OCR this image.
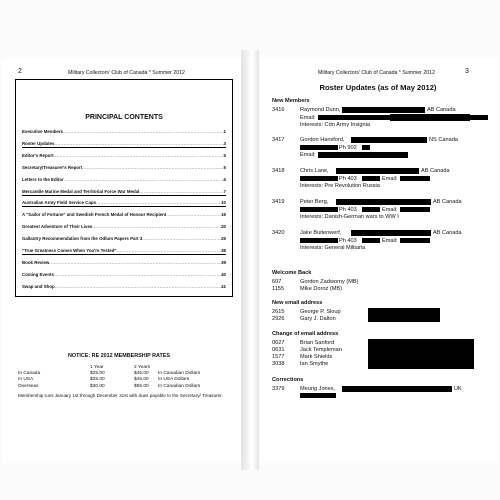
2	Military Collectors' Club of Canada * Summer 2012
PRINCIPAL CONTENTS
Executive Members .....	1
Roster Updates .....	3
Editor's Report .....	5
Secretary/Treasurer's Report .....	5
Letters to the Editor .....	6
Mercantile Marine Medal and Territorial Force War Medal .....	7
Australian Army Field Service Caps .....	10
A "Sailor of Fortune" and Swedish French Medal of Honour Recipient .....	16
Greatest Adventure of Their Lives .....	20
Gallantry Recommendation from the Odlum Papers Part 3 .....	25
"True Greatness Comes When You're Tested" .....	38
Book Review .....	39
Coming Events .....	40
Swap and Shop .....	41
NOTICE: RE 2012 MEMBERSHIP RATES
1 Year	2 Years
In Canada	$25.00	$45.00 In Canadian Dollars
In USA	$25.00	$45.00 In USA Dollars
Overseas	$30.00	$55.00 In Canadian Dollars
Membership runs January 1st through December 31st with dues payable to the Secretary/ Treasurer.
Military Collectors' Club of Canada * Summer 2012	3
Roster Updates (as of May 2012)
New Members
3416	Raymond Dunn,	AB Canada
Email:
Interests: Cdn Army Insignia
3417	Gordon Hansford,	NS Canada
Ph 902
Email:
3418	Chris Lane,	AB Canada
Ph 403	Email:
Interests: Pre Revolution Russia
3419	Peter Berg,	AB Canada
Ph 403	Email:
Interests: Danish-German wars to WW I
3420	Jake Buitenwerf,	AB Canada
Ph 403	Email:
Interests: General Militaria
Welcome Back
607	Gordon Zadworny (MB)
1155	Mike Doroz (MB)
New email address
2615	George P. Sloup
2926	Gary J. Dalton
Change of email address
0627	Brian Sanford
0631	Jack Templeman
1577	Mark Shields
3038	Ian Smythe
Corrections
3379	Meurig Jones,	UK
